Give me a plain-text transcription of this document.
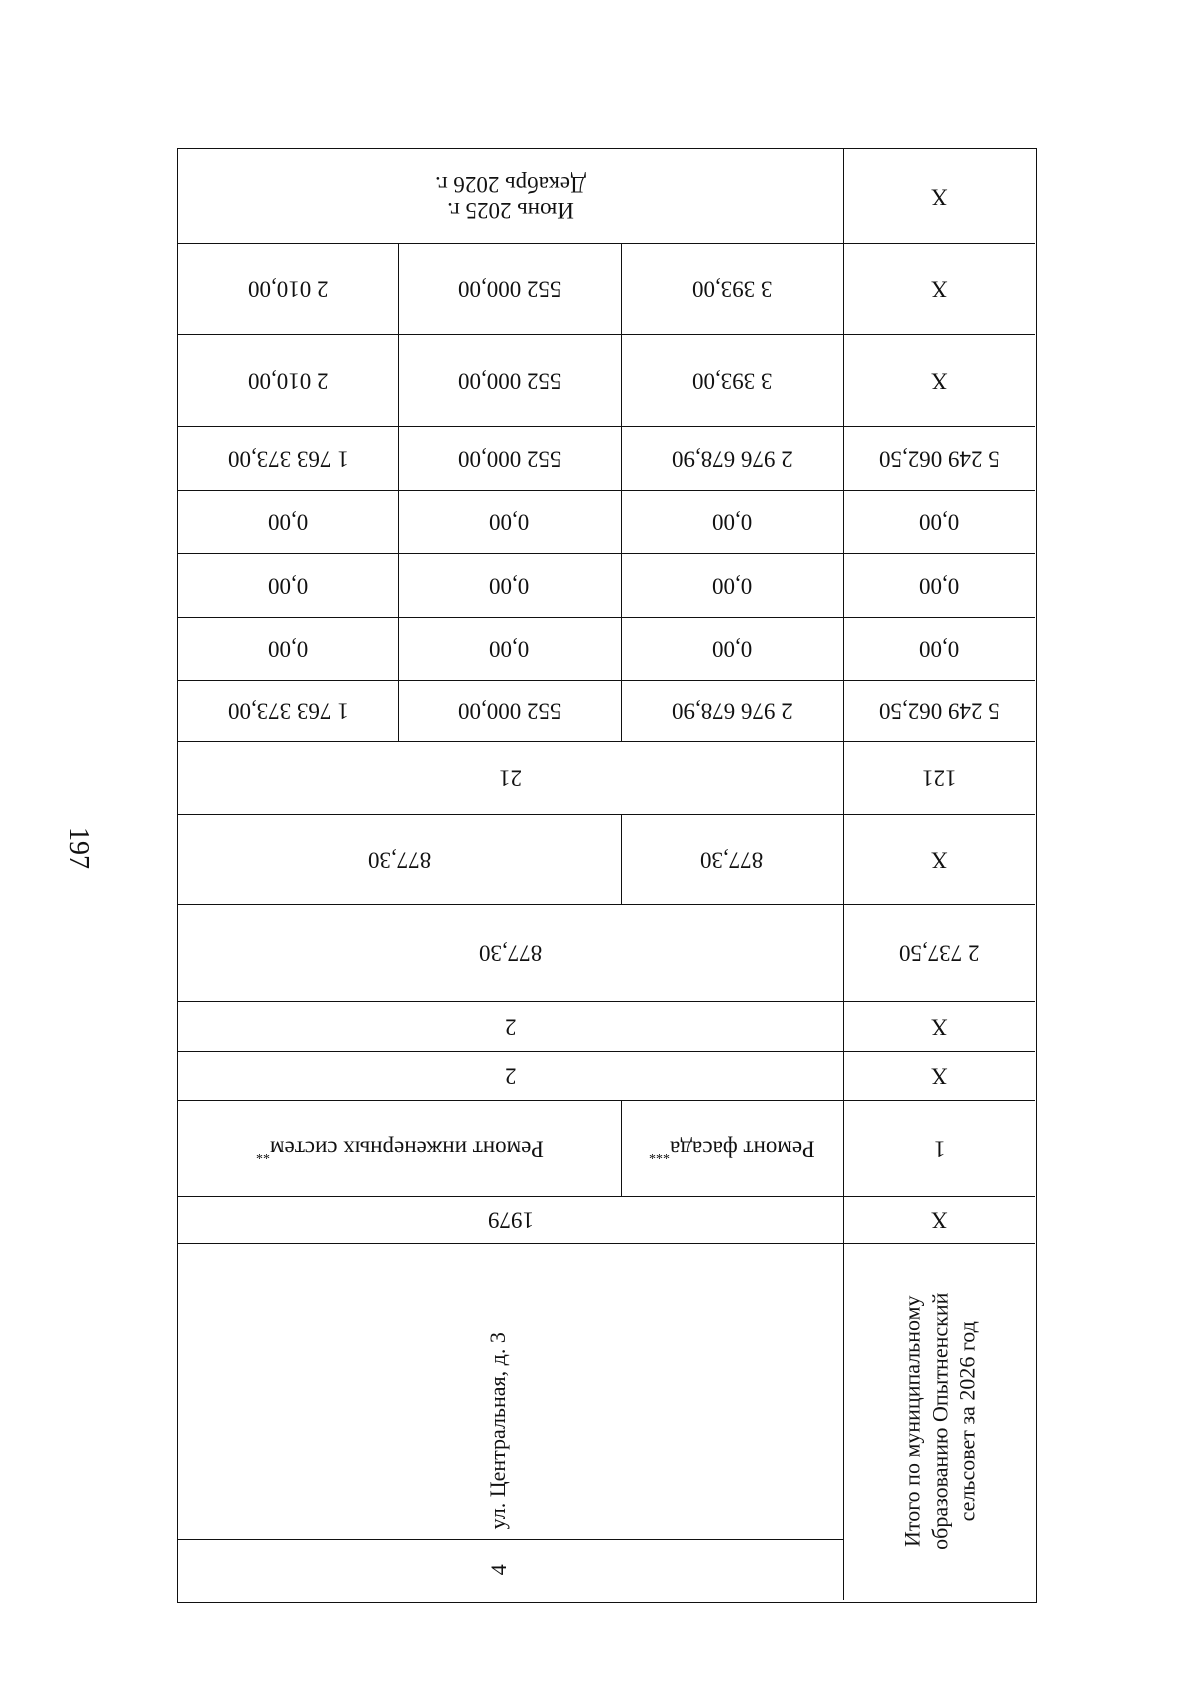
197
X
Июнь 2025 г.
Декабрь 2026 г.
X
3 393,00
552 000,00
2 010,00
X
3 393,00
552 000,00
2 010,00
5 249 062,50
2 976 678,90
552 000,00
1 763 373,00
0,00
0,00
0,00
0,00
0,00
0,00
0,00
0,00
0,00
0,00
0,00
0,00
5 249 062,50
2 976 678,90
552 000,00
1 763 373,00
121
21
X
877,30
877,30
2 737,50
877,30
X
2
X
2
1
Ремонт фасада***
Ремонт инженерных систем**
X
1979
Итого по муниципальному образованию Опытненский сельсовет за 2026 год
ул. Центральная, д. 3
4
